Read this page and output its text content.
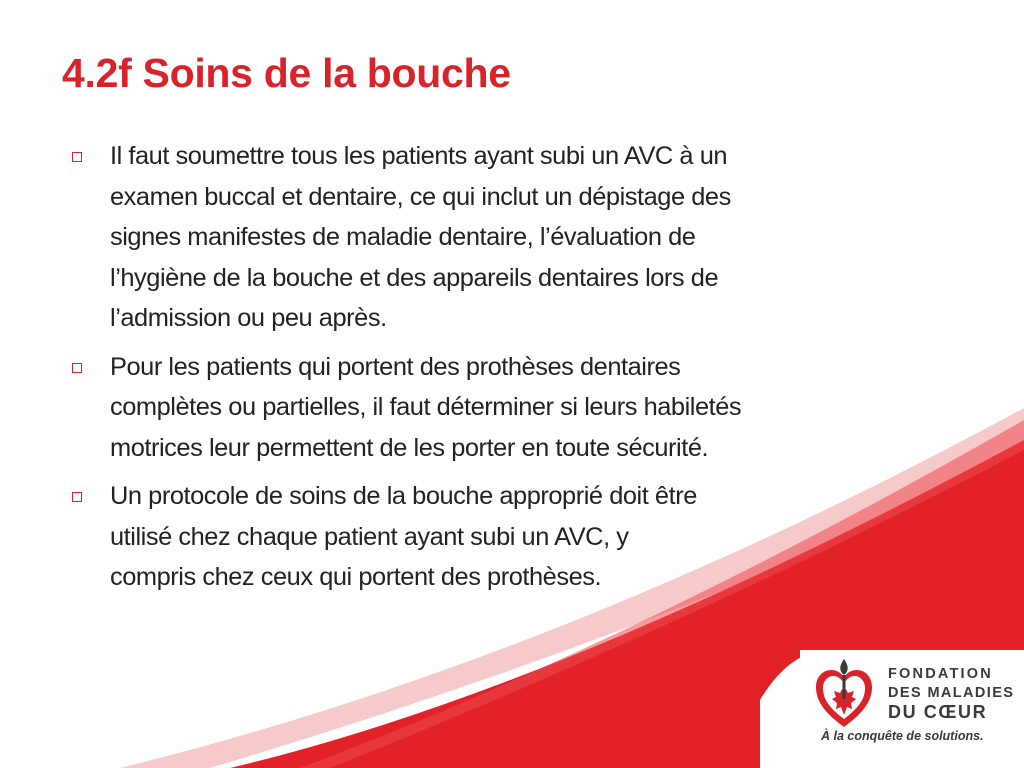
4.2f Soins de la bouche
Il faut soumettre tous les patients ayant subi un AVC à un
examen buccal et dentaire, ce qui inclut un dépistage des
signes manifestes de maladie dentaire, l’évaluation de
l’hygiène de la bouche et des appareils dentaires lors de
l’admission ou peu après.
Pour les patients qui portent des prothèses dentaires
complètes ou partielles, il faut déterminer si leurs habiletés
motrices leur permettent de les porter en toute sécurité.
Un protocole de soins de la bouche approprié doit être
utilisé chez chaque patient ayant subi un AVC, y
compris chez ceux qui portent des prothèses.
FONDATION
DES MALADIES
DU CŒUR
À la conquête de solutions.
